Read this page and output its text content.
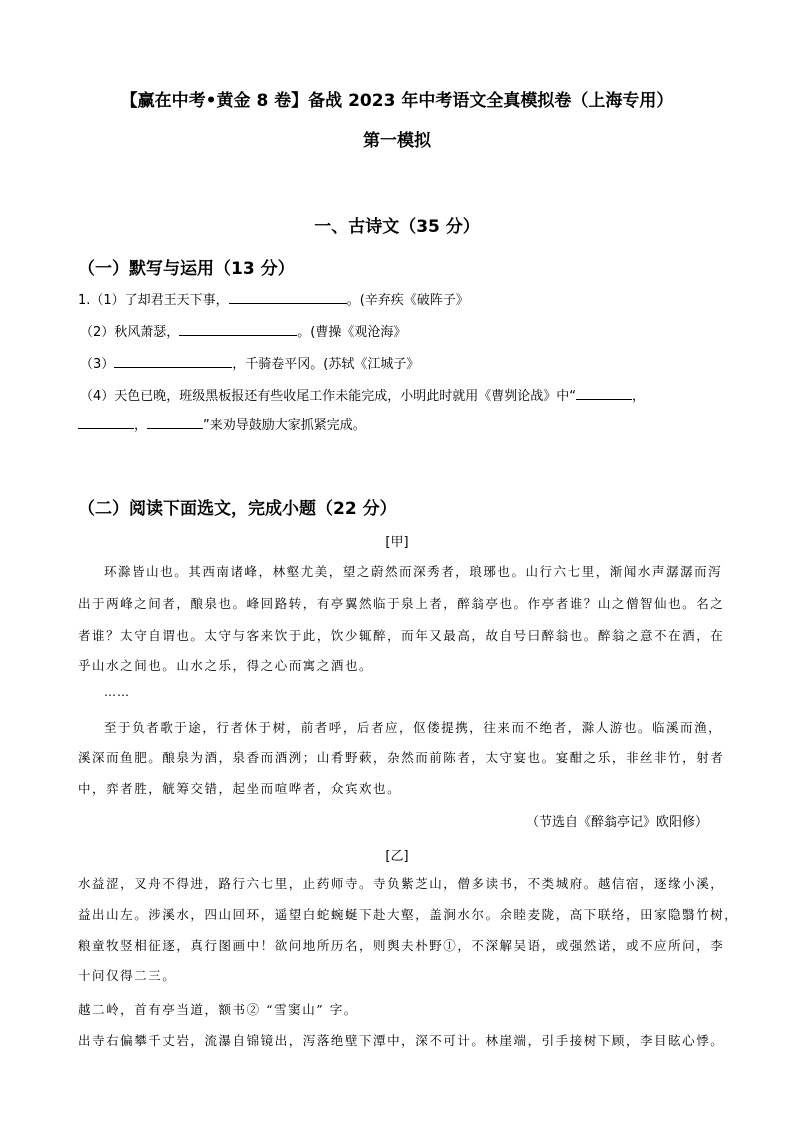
【赢在中考•黄金 8 卷】备战 2023 年中考语文全真模拟卷（上海专用）
第一模拟
一、古诗文（35 分）
（一）默写与运用（13 分）
1.（1）了却君王天下事，	。(辛弃疾《破阵子》
（2）秋风萧瑟，	。(曹操《观沧海》
（3）	，千骑卷平冈。(苏轼《江城子》
（4）天色已晚，班级黑板报还有些收尾工作未能完成，小明此时就用《曹刿论战》中“	，
，	”来劝导鼓励大家抓紧完成。
（二）阅读下面选文，完成小题（22 分）
[甲]
环滁皆山也。其西南诸峰，林壑尤美，望之蔚然而深秀者，琅琊也。山行六七里，渐闻水声潺潺而泻
出于两峰之间者，酿泉也。峰回路转，有亭翼然临于泉上者，醉翁亭也。作亭者谁？山之僧智仙也。名之
者谁？太守自谓也。太守与客来饮于此，饮少辄醉，而年又最高，故自号曰醉翁也。醉翁之意不在酒，在
乎山水之间也。山水之乐，得之心而寓之酒也。
……
至于负者歌于途，行者休于树，前者呼，后者应，伛偻提携，往来而不绝者，滁人游也。临溪而渔，
溪深而鱼肥。酿泉为酒，泉香而酒洌；山肴野蔌，杂然而前陈者，太守宴也。宴酣之乐，非丝非竹，射者
中，弈者胜，觥筹交错，起坐而喧哗者，众宾欢也。
（节选自《醉翁亭记》欧阳修）
[乙]
水益涩，叉舟不得进，路行六七里，止药师寺。寺负紫芝山，僧多读书，不类城府。越信宿，逐缘小溪，
益出山左。涉溪水，四山回环，遥望白蛇蜿蜒下赴大壑，盖涧水尔。余睦麦陇，高下联络，田家隐翳竹树，
粮童牧竖相征逐，真行图画中！欲问地所历名，则舆夫朴野①，不深解吴语，或强然诺，或不应所问，李
十问仅得二三。
越二岭，首有亭当道，额书② “雪窦山” 字。
出寺右偏攀千丈岩，流瀑自锦镜出，泻落绝壁下潭中，深不可计。林崖端，引手接树下顾，李目眩心悸。
